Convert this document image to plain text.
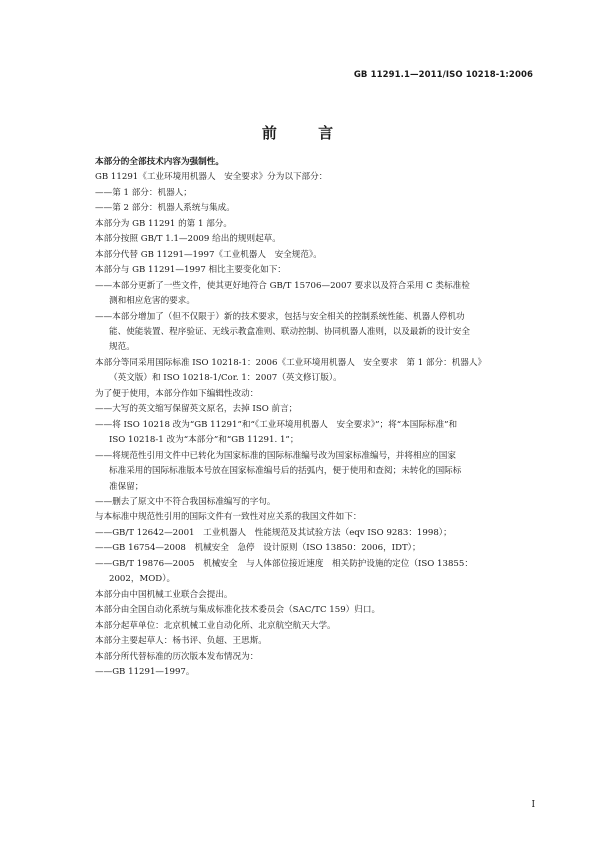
GB 11291.1—2011/ISO 10218-1:2006
前 言

本部分的全部技术内容为强制性。

GB 11291《工业环境用机器人　安全要求》分为以下部分：

——第 1 部分：机器人；

——第 2 部分：机器人系统与集成。

本部分为 GB 11291 的第 1 部分。

本部分按照 GB/T 1.1—2009 给出的规则起草。

本部分代替 GB 11291—1997《工业机器人　安全规范》。

本部分与 GB 11291—1997 相比主要变化如下：

——本部分更新了一些文件，使其更好地符合 GB/T 15706—2007 要求以及符合采用 C 类标准检

测和相应危害的要求。

——本部分增加了（但不仅限于）新的技术要求，包括与安全相关的控制系统性能、机器人停机功

能、使能装置、程序验证、无线示教盒准则、联动控制、协同机器人准则，以及最新的设计安全

规范。

本部分等同采用国际标准 ISO 10218-1：2006《工业环境用机器人　安全要求　第 1 部分：机器人》

（英文版）和 ISO 10218-1/Cor. 1：2007（英文修订版）。

为了便于使用，本部分作如下编辑性改动：

——大写的英文缩写保留英文原名，去掉 ISO 前言；

——将 ISO 10218 改为“GB 11291”和“《工业环境用机器人　安全要求》”；将“本国际标准”和

ISO 10218-1 改为“本部分”和“GB 11291. 1”；

——将规范性引用文件中已转化为国家标准的国际标准编号改为国家标准编号，并将相应的国家

标准采用的国际标准版本号放在国家标准编号后的括弧内，便于使用和查阅；未转化的国际标

准保留；

——删去了原文中不符合我国标准编写的字句。

与本标准中规范性引用的国际文件有一致性对应关系的我国文件如下：

——GB/T 12642—2001　工业机器人　性能规范及其试验方法（eqv ISO 9283：1998）；

——GB 16754—2008　机械安全　急停　设计原则（ISO 13850：2006，IDT）；

——GB/T 19876—2005　机械安全　与人体部位接近速度　相关防护设施的定位（ISO 13855：

2002，MOD）。

本部分由中国机械工业联合会提出。

本部分由全国自动化系统与集成标准化技术委员会（SAC/TC 159）归口。

本部分起草单位：北京机械工业自动化所、北京航空航天大学。

本部分主要起草人：杨书评、负超、王思斯。

本部分所代替标准的历次版本发布情况为：

——GB 11291—1997。

I
